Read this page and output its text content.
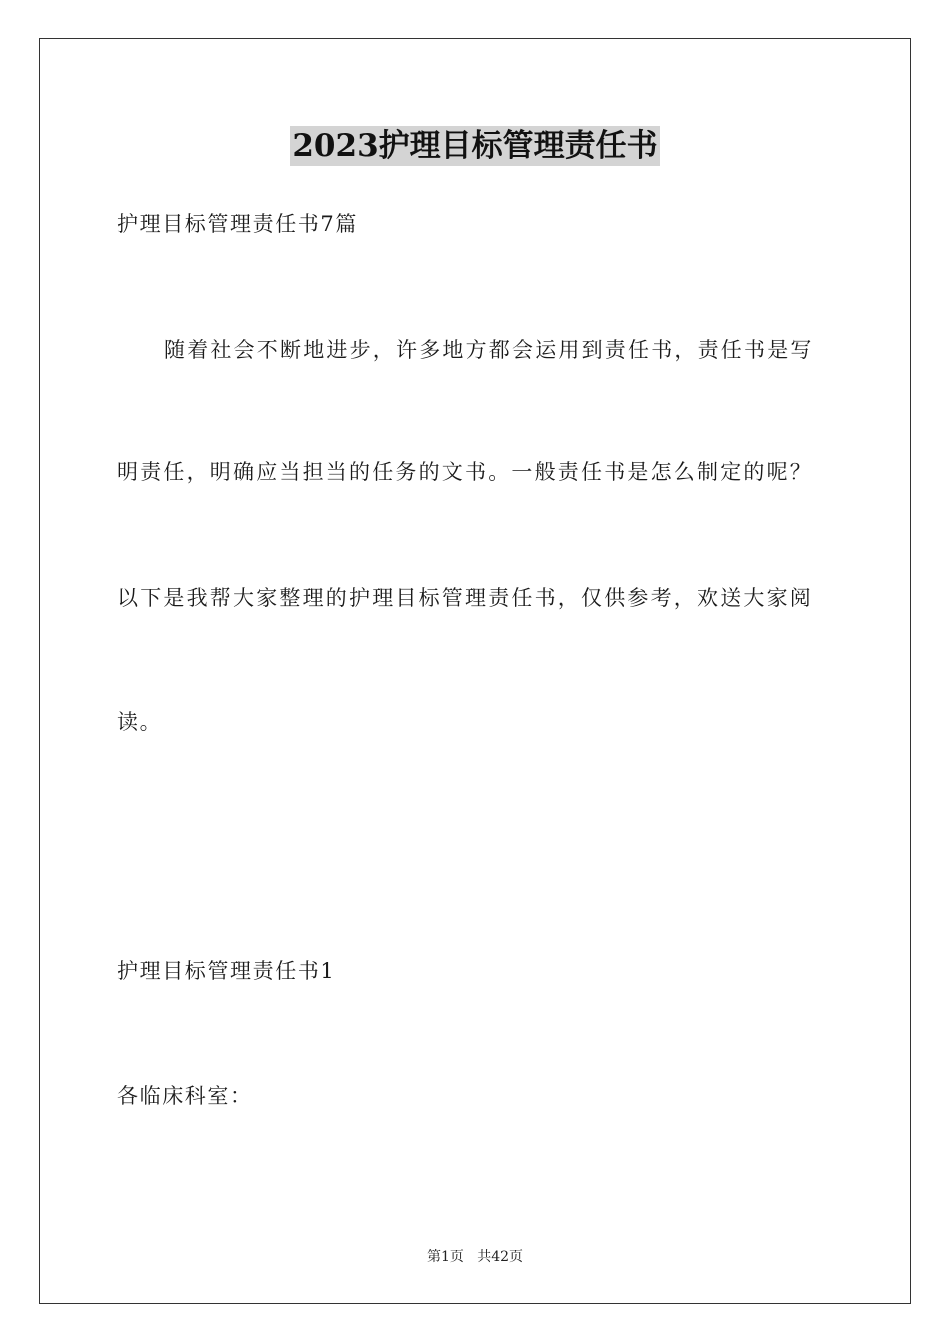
2023护理目标管理责任书
护理目标管理责任书7篇
随着社会不断地进步，许多地方都会运用到责任书，责任书是写
明责任，明确应当担当的任务的文书。一般责任书是怎么制定的呢？
以下是我帮大家整理的护理目标管理责任书，仅供参考，欢送大家阅
读。
护理目标管理责任书1
各临床科室：
第1页   共42页
